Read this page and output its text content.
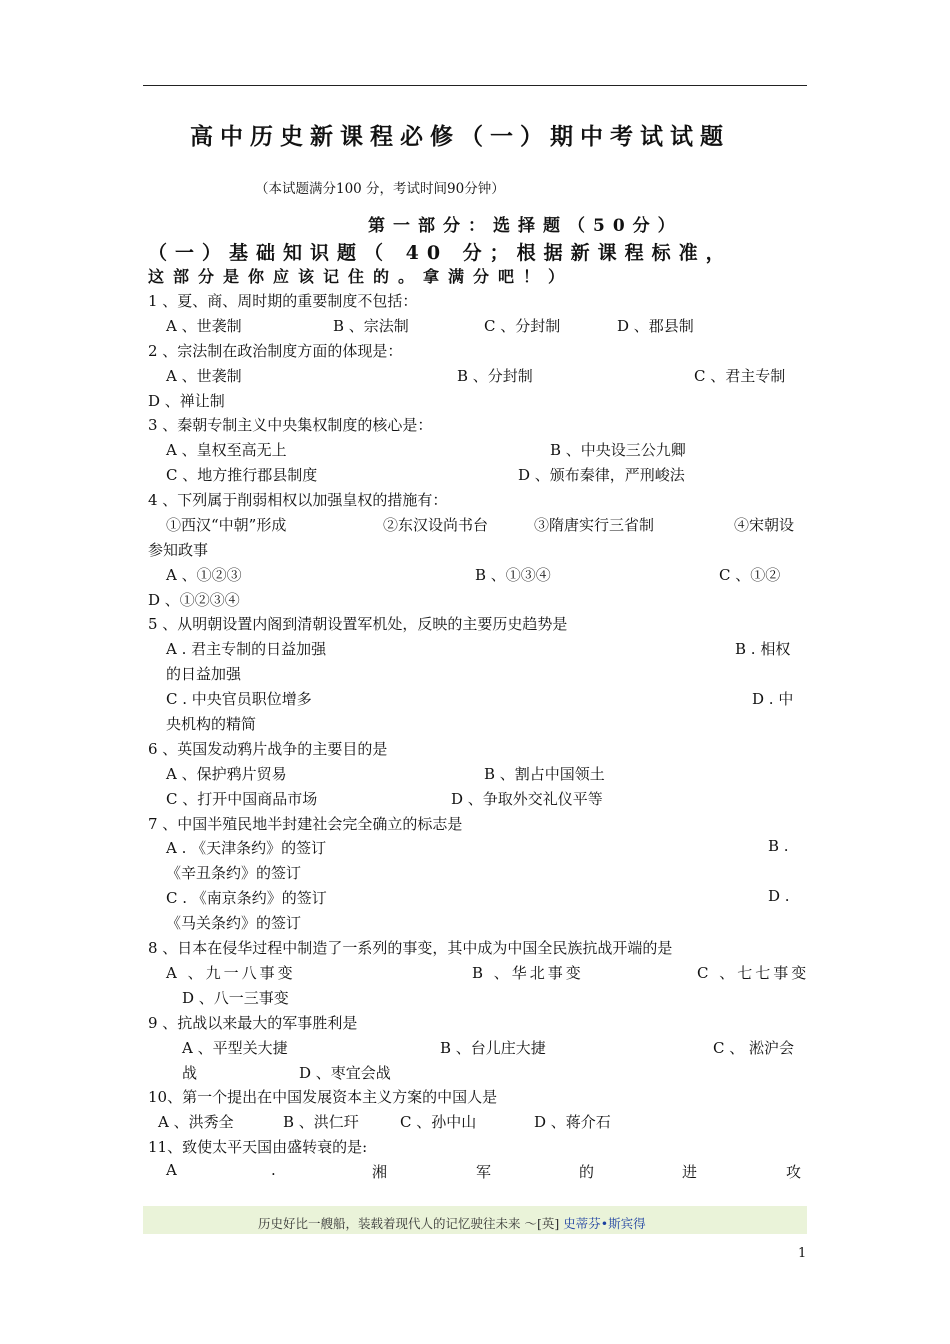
高中历史新课程必修（一）期中考试试题
（本试题满分100 分，考试时间90分钟）
第一部分：选择题（50分）
（一）基础知识题（ 40 分；根据新课程标准，
这部分是你应该记住的。拿满分吧！）
1 、夏、商、周时期的重要制度不包括：
A 、世袭制	B 、宗法制	C 、分封制	D 、郡县制
2 、宗法制在政治制度方面的体现是：
A 、世袭制	B 、分封制	C 、君主专制
D 、禅让制
3 、秦朝专制主义中央集权制度的核心是：
A 、皇权至高无上	B 、中央设三公九卿
C 、地方推行郡县制度	D 、颁布秦律，严刑峻法
4 、下列属于削弱相权以加强皇权的措施有：
①西汉“中朝”形成	②东汉设尚书台	③隋唐实行三省制	④宋朝设
参知政事
A 、①②③	B 、①③④	C 、①②
D 、①②③④
5 、从明朝设置内阁到清朝设置军机处，反映的主要历史趋势是
A . 君主专制的日益加强	B . 相权
的日益加强
C . 中央官员职位增多	D . 中
央机构的精简
6 、英国发动鸦片战争的主要目的是
A 、保护鸦片贸易	B 、割占中国领土
C 、打开中国商品市场	D 、争取外交礼仪平等
7 、中国半殖民地半封建社会完全确立的标志是
A . 《天津条约》的签订	B .
《辛丑条约》的签订
C . 《南京条约》的签订	D .
《马关条约》的签订
8 、日本在侵华过程中制造了一系列的事变，其中成为中国全民族抗战开端的是
A 、九一八事变	B 、华北事变	C 、七七事变
D 、八一三事变
9 、抗战以来最大的军事胜利是
A 、平型关大捷	B 、台儿庄大捷	C 、 淞沪会
战	D 、枣宜会战
10、第一个提出在中国发展资本主义方案的中国人是
A 、洪秀全	B 、洪仁玕	C 、孙中山	D 、蒋介石
11、致使太平天国由盛转衰的是:
A	.	湘	军	的	进	攻
历史好比一艘船，装载着现代人的记忆驶往未来 ～[英] 史蒂芬•斯宾得
1
